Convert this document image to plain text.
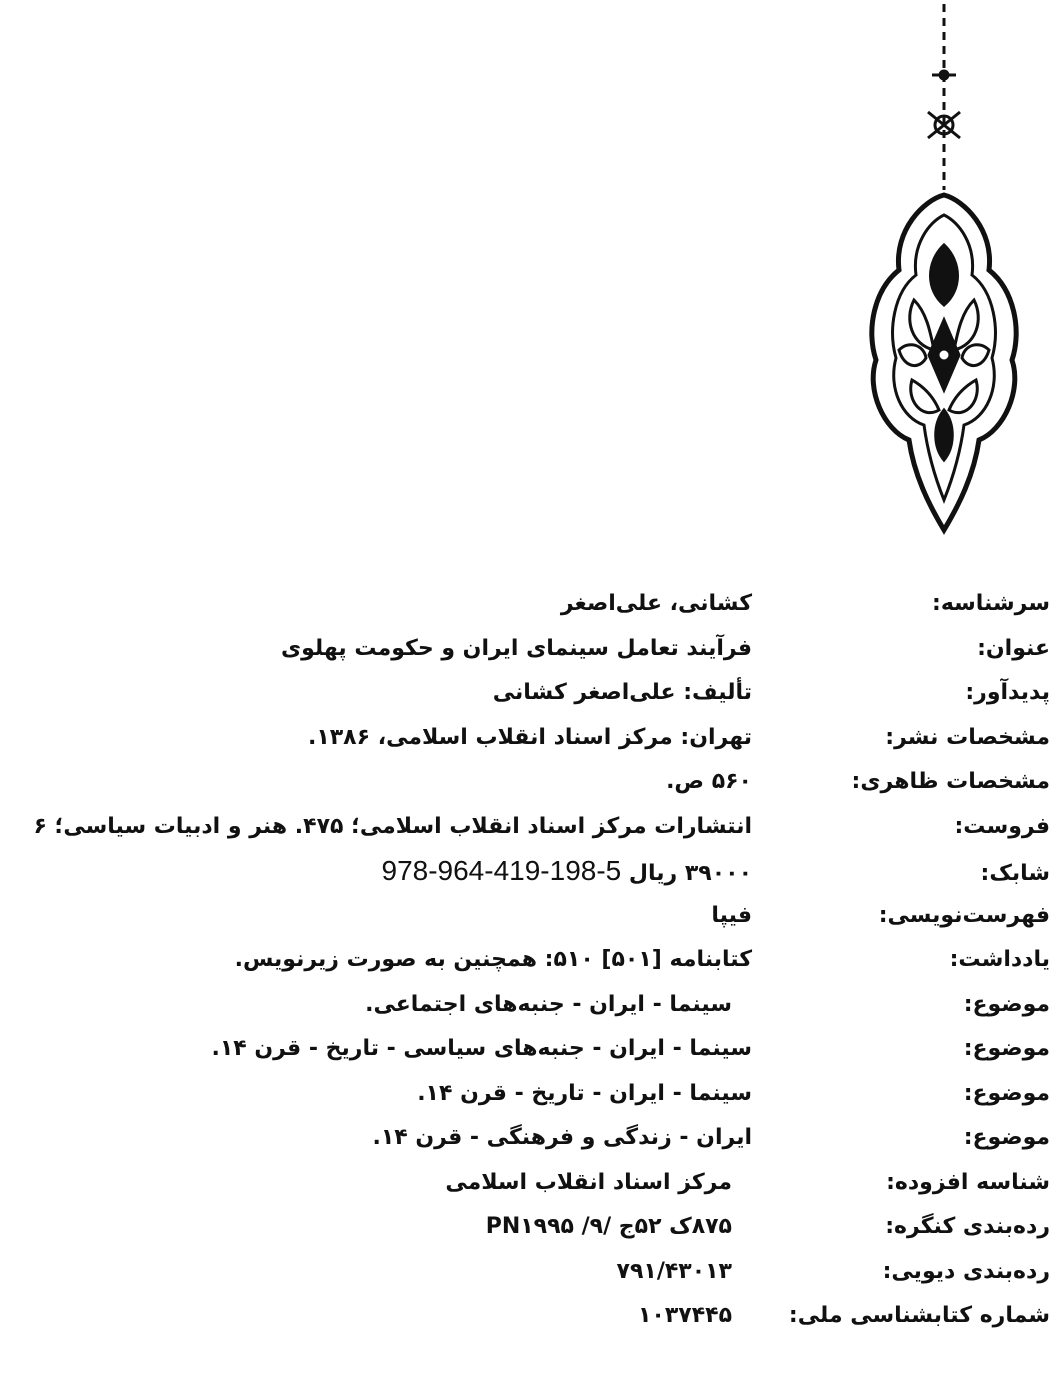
سرشناسه:
کشانی، علی‌اصغر
عنوان:
فرآیند تعامل سینمای ایران و حکومت پهلوی
پدیدآور:
تألیف: علی‌اصغر کشانی
مشخصات نشر:
تهران: مرکز اسناد انقلاب اسلامی، ۱۳۸۶.
مشخصات ظاهری:
۵۶۰ ص.
فروست:
انتشارات مرکز اسناد انقلاب اسلامی؛ ۴۷۵. هنر و ادبیات سیاسی؛ ۶
شابک:
۳۹۰۰۰ ریال 978-964-419-198-5
فهرست‌نویسی:
فیپا
یادداشت:
کتابنامه [۵۰۱] ۵۱۰: همچنین به صورت زیرنویس.
موضوع:
سینما - ایران - جنبه‌های اجتماعی.
موضوع:
سینما - ایران - جنبه‌های سیاسی - تاریخ - قرن ۱۴.
موضوع:
سینما - ایران - تاریخ - قرن ۱۴.
موضوع:
ایران - زندگی و فرهنگی - قرن ۱۴.
شناسه افزوده:
مرکز اسناد انقلاب اسلامی
رده‌بندی کنگره:
۸۷۵ک ۵۲ج /۹/ PN۱۹۹۵
رده‌بندی دیویی:
۷۹۱/۴۳۰۱۳
شماره کتابشناسی ملی:
۱۰۳۷۴۴۵
